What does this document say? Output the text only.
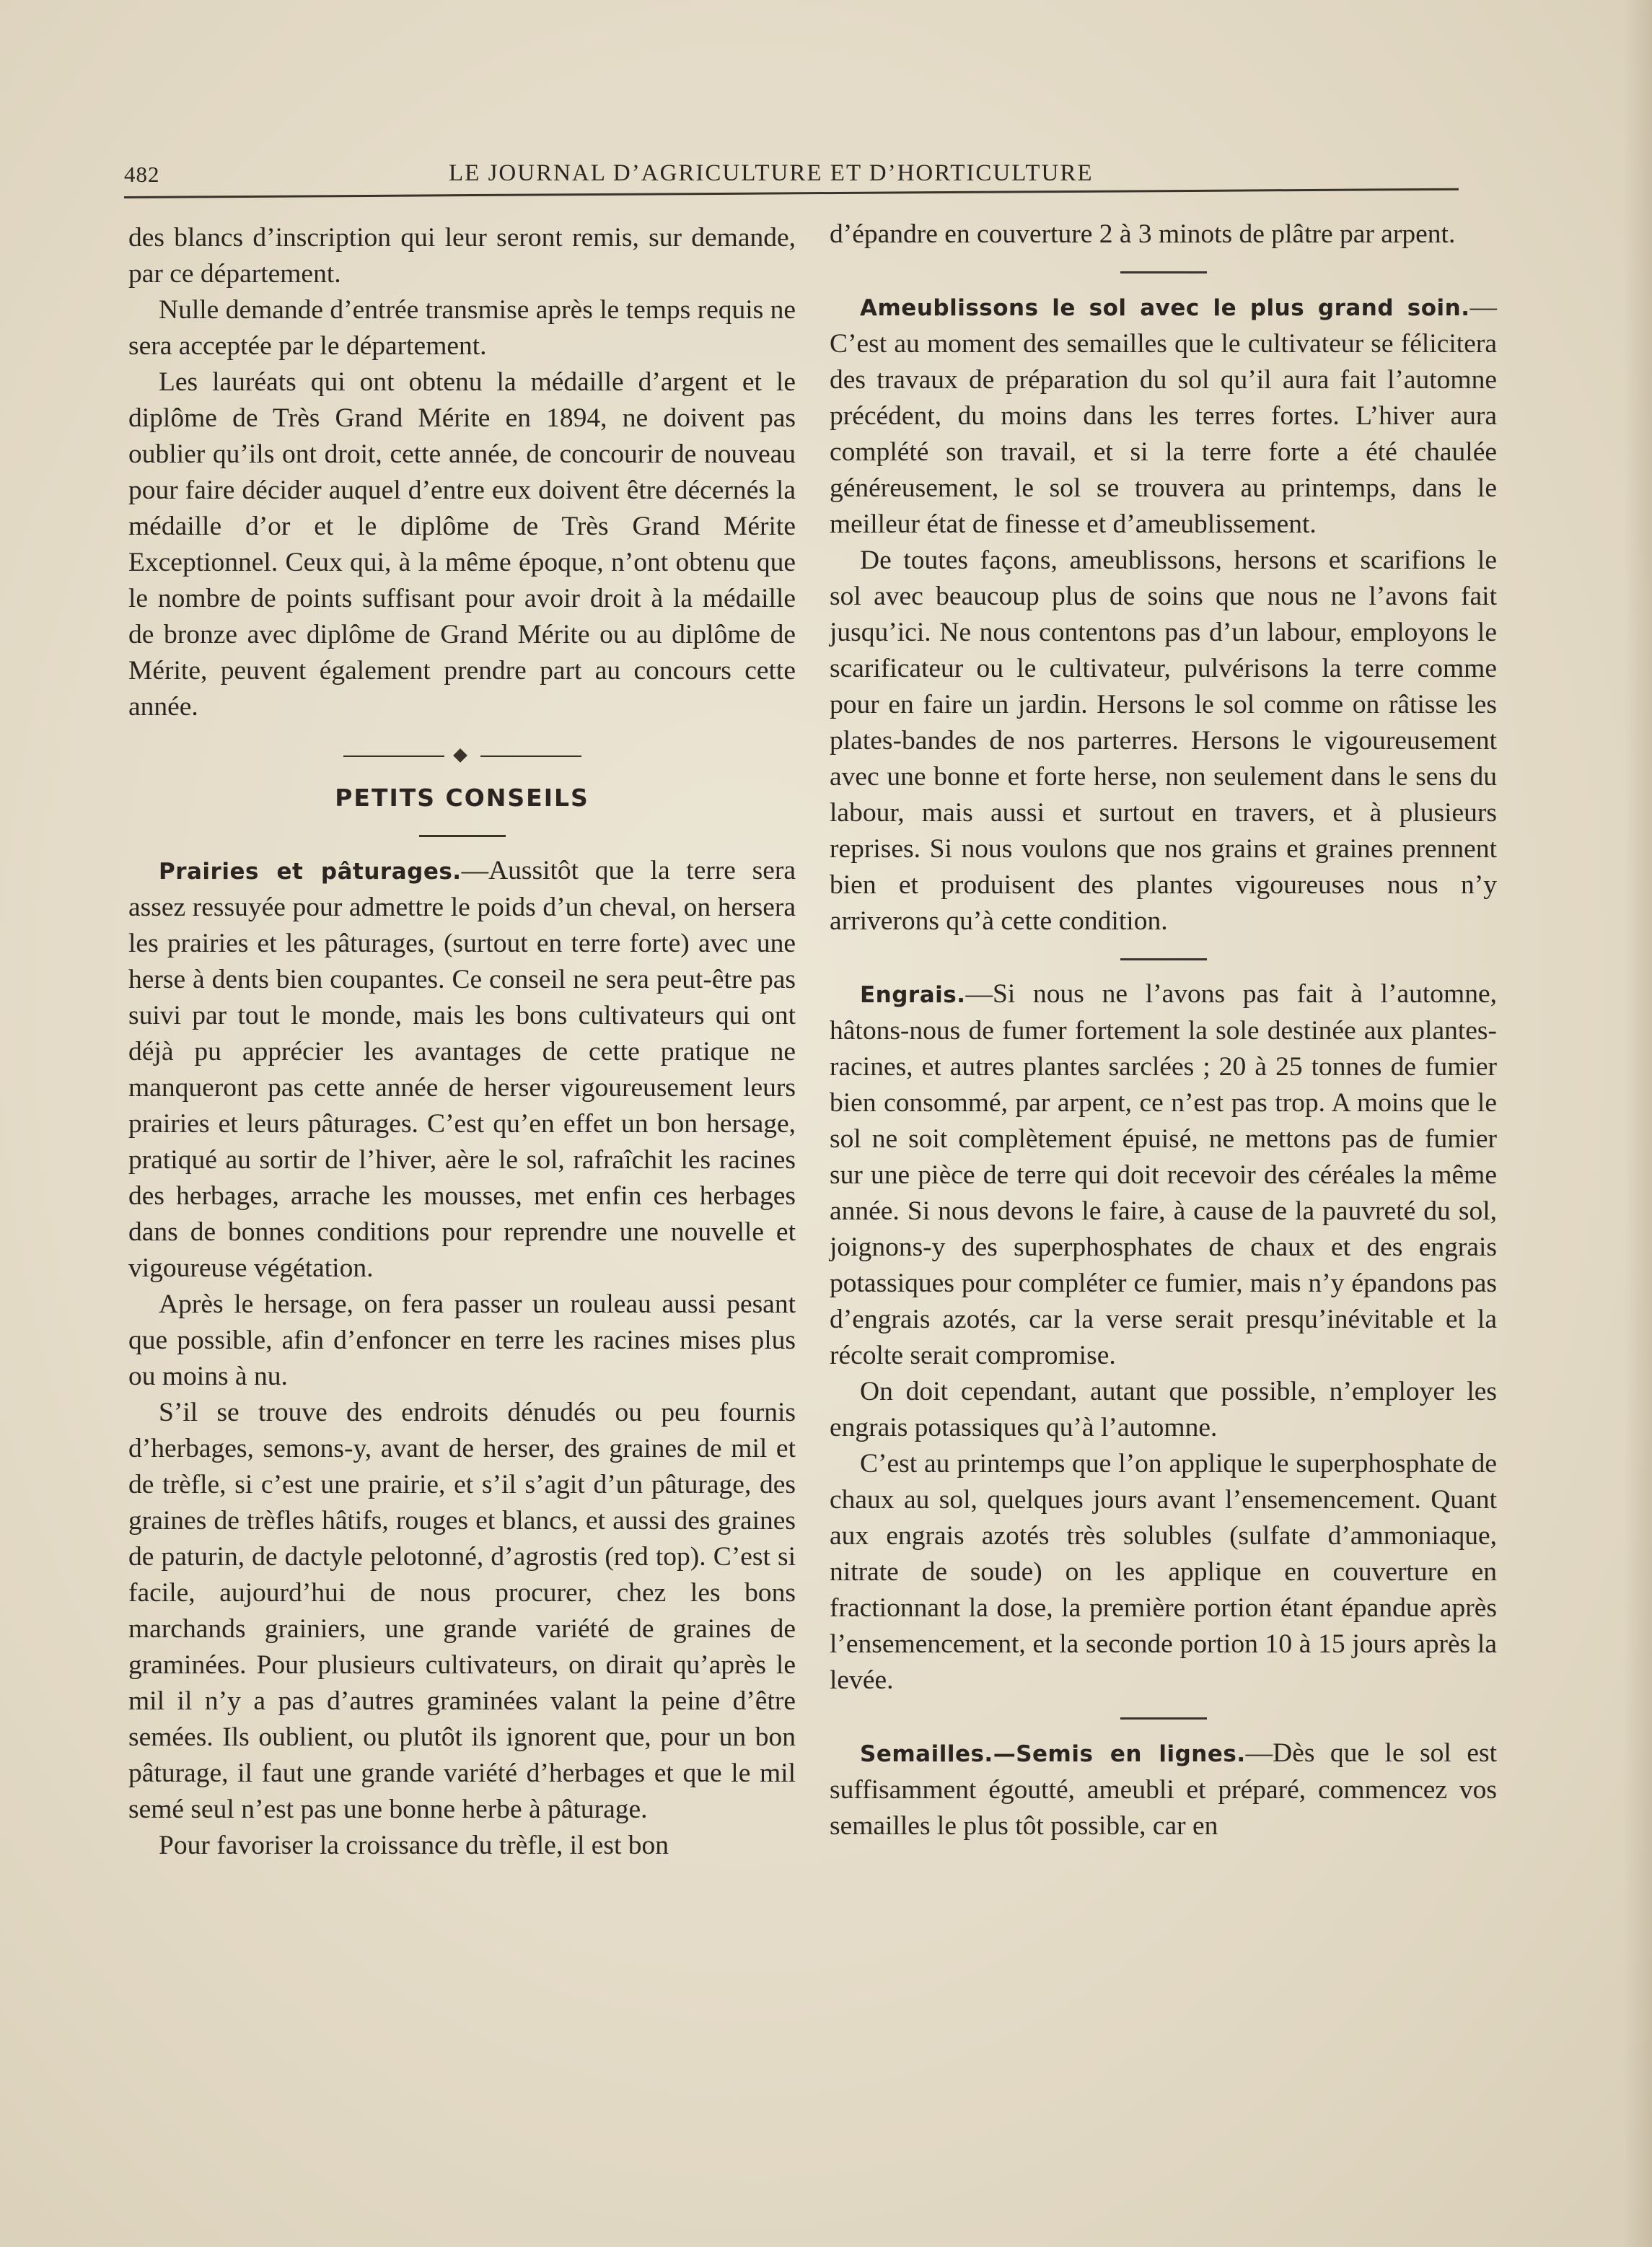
482	LE JOURNAL D’AGRICULTURE ET D’HORTICULTURE

des blancs d’inscription qui leur seront remis, sur demande, par ce département.

Nulle demande d’entrée transmise après le temps requis ne sera acceptée par le département.

Les lauréats qui ont obtenu la médaille d’argent et le diplôme de Très Grand Mérite en 1894, ne doivent pas oublier qu’ils ont droit, cette année, de concourir de nouveau pour faire décider auquel d’entre eux doivent être décernés la médaille d’or et le diplôme de Très Grand Mérite Exceptionnel. Ceux qui, à la même époque, n’ont obtenu que le nombre de points suffisant pour avoir droit à la médaille de bronze avec diplôme de Grand Mérite ou au diplôme de Mérite, peuvent également prendre part au concours cette année.

PETITS CONSEILS

Prairies et pâturages.—Aussitôt que la terre sera assez ressuyée pour admettre le poids d’un cheval, on hersera les prairies et les pâturages, (surtout en terre forte) avec une herse à dents bien coupantes. Ce conseil ne sera peut-être pas suivi par tout le monde, mais les bons cultivateurs qui ont déjà pu apprécier les avantages de cette pratique ne manqueront pas cette année de herser vigoureusement leurs prairies et leurs pâturages. C’est qu’en effet un bon hersage, pratiqué au sortir de l’hiver, aère le sol, rafraîchit les racines des herbages, arrache les mousses, met enfin ces herbages dans de bonnes conditions pour reprendre une nouvelle et vigoureuse végétation.

Après le hersage, on fera passer un rouleau aussi pesant que possible, afin d’enfoncer en terre les racines mises plus ou moins à nu.

S’il se trouve des endroits dénudés ou peu fournis d’herbages, semons-y, avant de herser, des graines de mil et de trèfle, si c’est une prairie, et s’il s’agit d’un pâturage, des graines de trèfles hâtifs, rouges et blancs, et aussi des graines de paturin, de dactyle pelotonné, d’agrostis (red top). C’est si facile, aujourd’hui de nous procurer, chez les bons marchands grainiers, une grande variété de graines de graminées. Pour plusieurs cultivateurs, on dirait qu’après le mil il n’y a pas d’autres graminées valant la peine d’être semées. Ils oublient, ou plutôt ils ignorent que, pour un bon pâturage, il faut une grande variété d’herbages et que le mil semé seul n’est pas une bonne herbe à pâturage.

Pour favoriser la croissance du trèfle, il est bon

d’épandre en couverture 2 à 3 minots de plâtre par arpent.

Ameublissons le sol avec le plus grand soin.— C’est au moment des semailles que le cultivateur se félicitera des travaux de préparation du sol qu’il aura fait l’automne précédent, du moins dans les terres fortes. L’hiver aura complété son travail, et si la terre forte a été chaulée généreusement, le sol se trouvera au printemps, dans le meilleur état de finesse et d’ameublissement.

De toutes façons, ameublissons, hersons et scarifions le sol avec beaucoup plus de soins que nous ne l’avons fait jusqu’ici. Ne nous contentons pas d’un labour, employons le scarificateur ou le cultivateur, pulvérisons la terre comme pour en faire un jardin. Hersons le sol comme on râtisse les plates-bandes de nos parterres. Hersons le vigoureusement avec une bonne et forte herse, non seulement dans le sens du labour, mais aussi et surtout en travers, et à plusieurs reprises. Si nous voulons que nos grains et graines prennent bien et produisent des plantes vigoureuses nous n’y arriverons qu’à cette condition.

Engrais.—Si nous ne l’avons pas fait à l’automne, hâtons-nous de fumer fortement la sole destinée aux plantes-racines, et autres plantes sarclées ; 20 à 25 tonnes de fumier bien consommé, par arpent, ce n’est pas trop. A moins que le sol ne soit complètement épuisé, ne mettons pas de fumier sur une pièce de terre qui doit recevoir des céréales la même année. Si nous devons le faire, à cause de la pauvreté du sol, joignons-y des superphosphates de chaux et des engrais potassiques pour compléter ce fumier, mais n’y épandons pas d’engrais azotés, car la verse serait presqu’inévitable et la récolte serait compromise.

On doit cependant, autant que possible, n’employer les engrais potassiques qu’à l’automne.

C’est au printemps que l’on applique le superphosphate de chaux au sol, quelques jours avant l’ensemencement. Quant aux engrais azotés très solubles (sulfate d’ammoniaque, nitrate de soude) on les applique en couverture en fractionnant la dose, la première portion étant épandue après l’ensemencement, et la seconde portion 10 à 15 jours après la levée.

Semailles.—Semis en lignes.—Dès que le sol est suffisamment égoutté, ameubli et préparé, commencez vos semailles le plus tôt possible, car en
